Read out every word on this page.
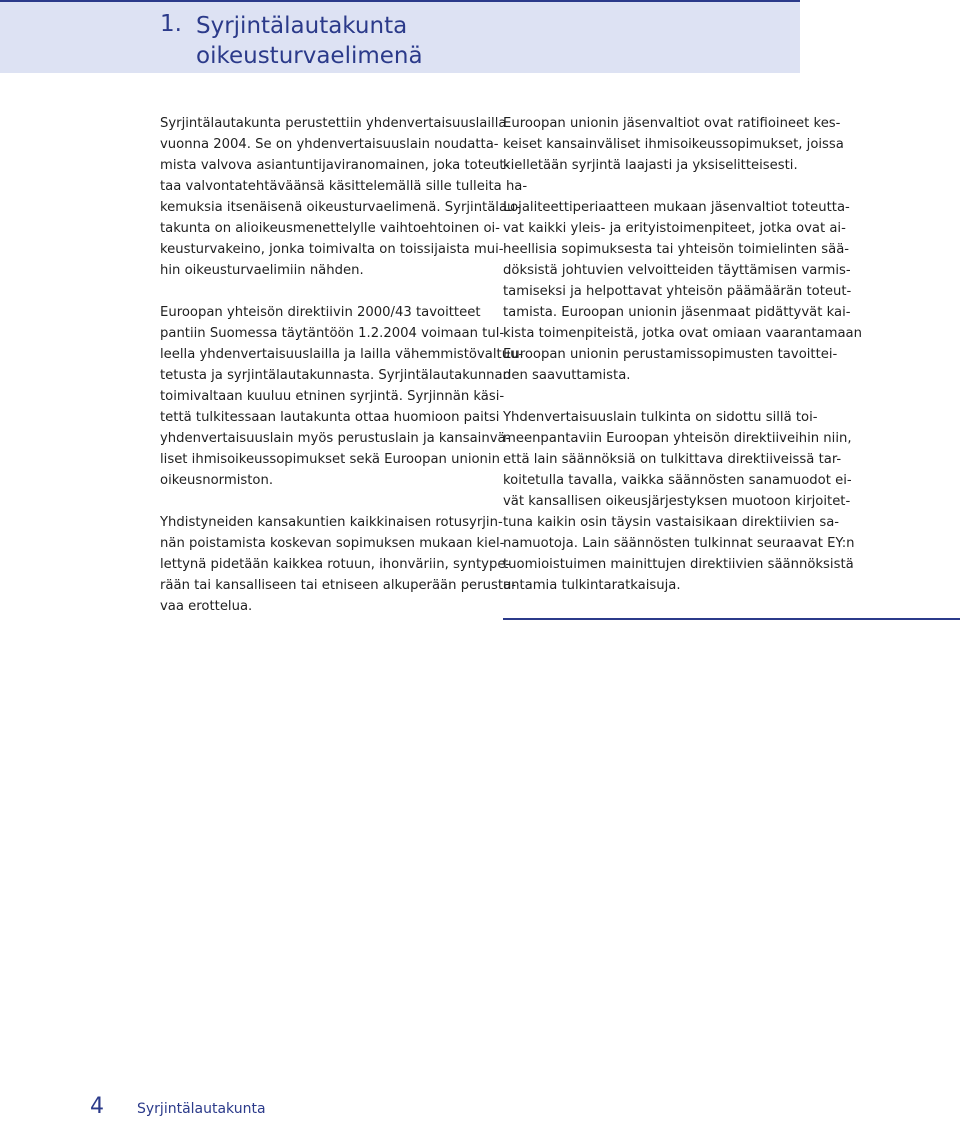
1. Syrjintälautakunta
oikeusturvaelimenä
Syrjintälautakunta perustettiin yhdenvertaisuuslailla
vuonna 2004. Se on yhdenvertaisuuslain noudatta-
mista valvova asiantuntijaviranomainen, joka toteut-
taa valvontatehtäväänsä käsittelemällä sille tulleita ha-
kemuksia itsenäisenä oikeusturvaelimenä. Syrjintälau-
takunta on alioikeusmenettelylle vaihtoehtoinen oi-
keusturvakeino, jonka toimivalta on toissijaista mui-
hin oikeusturvaelimiin nähden.
Euroopan yhteisön direktiivin 2000/43 tavoitteet
pantiin Suomessa täytäntöön 1.2.2004 voimaan tul-
leella yhdenvertaisuuslailla ja lailla vähemmistövaltuu-
tetusta ja syrjintälautakunnasta. Syrjintälautakunnan
toimivaltaan kuuluu etninen syrjintä. Syrjinnän käsi-
tettä tulkitessaan lautakunta ottaa huomioon paitsi
yhdenvertaisuuslain myös perustuslain ja kansainvä-
liset ihmisoikeussopimukset sekä Euroopan unionin
oikeusnormiston.
Yhdistyneiden kansakuntien kaikkinaisen rotusyrjin-
nän poistamista koskevan sopimuksen mukaan kiel-
lettynä pidetään kaikkea rotuun, ihonväriin, syntype-
rään tai kansalliseen tai etniseen alkuperään perustu-
vaa erottelua.
Euroopan unionin jäsenvaltiot ovat ratifioineet kes-
keiset kansainväliset ihmisoikeussopimukset, joissa
kielletään syrjintä laajasti ja yksiselitteisesti.
Lojaliteettiperiaatteen mukaan jäsenvaltiot toteutta-
vat kaikki yleis- ja erityistoimenpiteet, jotka ovat ai-
heellisia sopimuksesta tai yhteisön toimielinten sää-
döksistä johtuvien velvoitteiden täyttämisen varmis-
tamiseksi ja helpottavat yhteisön päämäärän toteut-
tamista. Euroopan unionin jäsenmaat pidättyvät kai-
kista toimenpiteistä, jotka ovat omiaan vaarantamaan
Euroopan unionin perustamissopimusten tavoittei-
den saavuttamista.
Yhdenvertaisuuslain tulkinta on sidottu sillä toi-
meenpantaviin Euroopan yhteisön direktiiveihin niin,
että lain säännöksiä on tulkittava direktiiveissä tar-
koitetulla tavalla, vaikka säännösten sanamuodot ei-
vät kansallisen oikeusjärjestyksen muotoon kirjoitet-
tuna kaikin osin täysin vastaisikaan direktiivien sa-
namuotoja. Lain säännösten tulkinnat seuraavat EY:n
tuomioistuimen mainittujen direktiivien säännöksistä
antamia tulkintaratkaisuja.
4 Syrjintälautakunta
